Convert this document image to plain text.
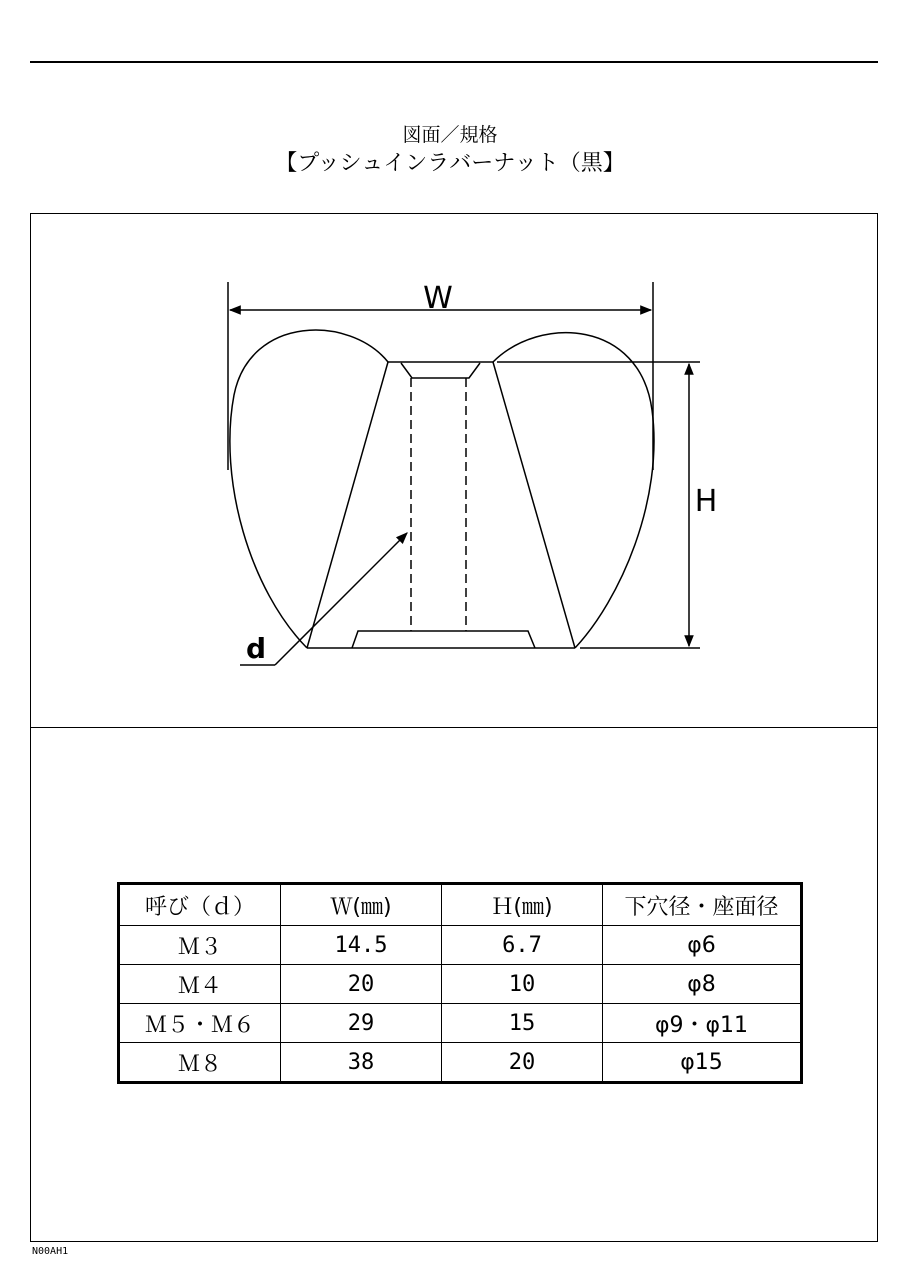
図面／規格
【プッシュインラバーナット（黒】
W
H
d
呼び（ｄ）	Ｗ(㎜)	Ｈ(㎜)	下穴径・座面径
Ｍ３	14.5	6.7	φ6
Ｍ４	20	10	φ8
Ｍ５・Ｍ６	29	15	φ9・φ11
Ｍ８	38	20	φ15
N00AH1
